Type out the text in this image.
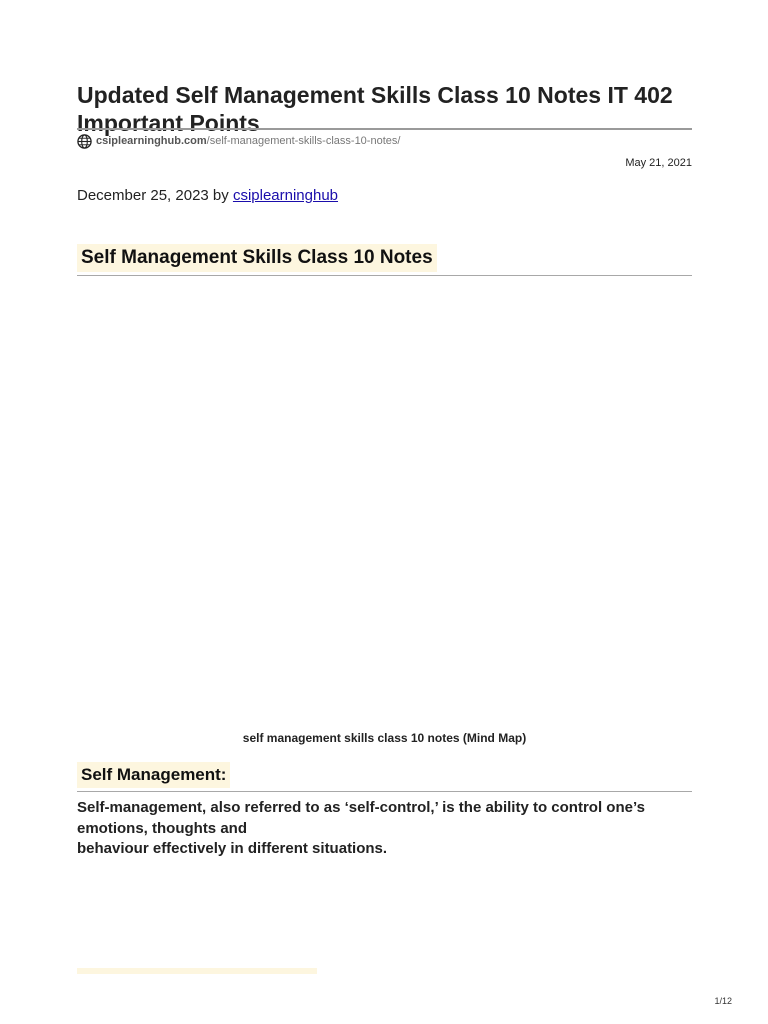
Updated Self Management Skills Class 10 Notes IT 402 Important Points
csiplearninghub.com /self-management-skills-class-10-notes/
May 21, 2021
December 25, 2023 by csiplearninghub
Self Management Skills Class 10 Notes
self management skills class 10 notes (Mind Map)
Self Management:

Self-management, also referred to as ‘self-control,’ is the ability to control one’s
emotions, thoughts and
behaviour effectively in different situations.

1/12
